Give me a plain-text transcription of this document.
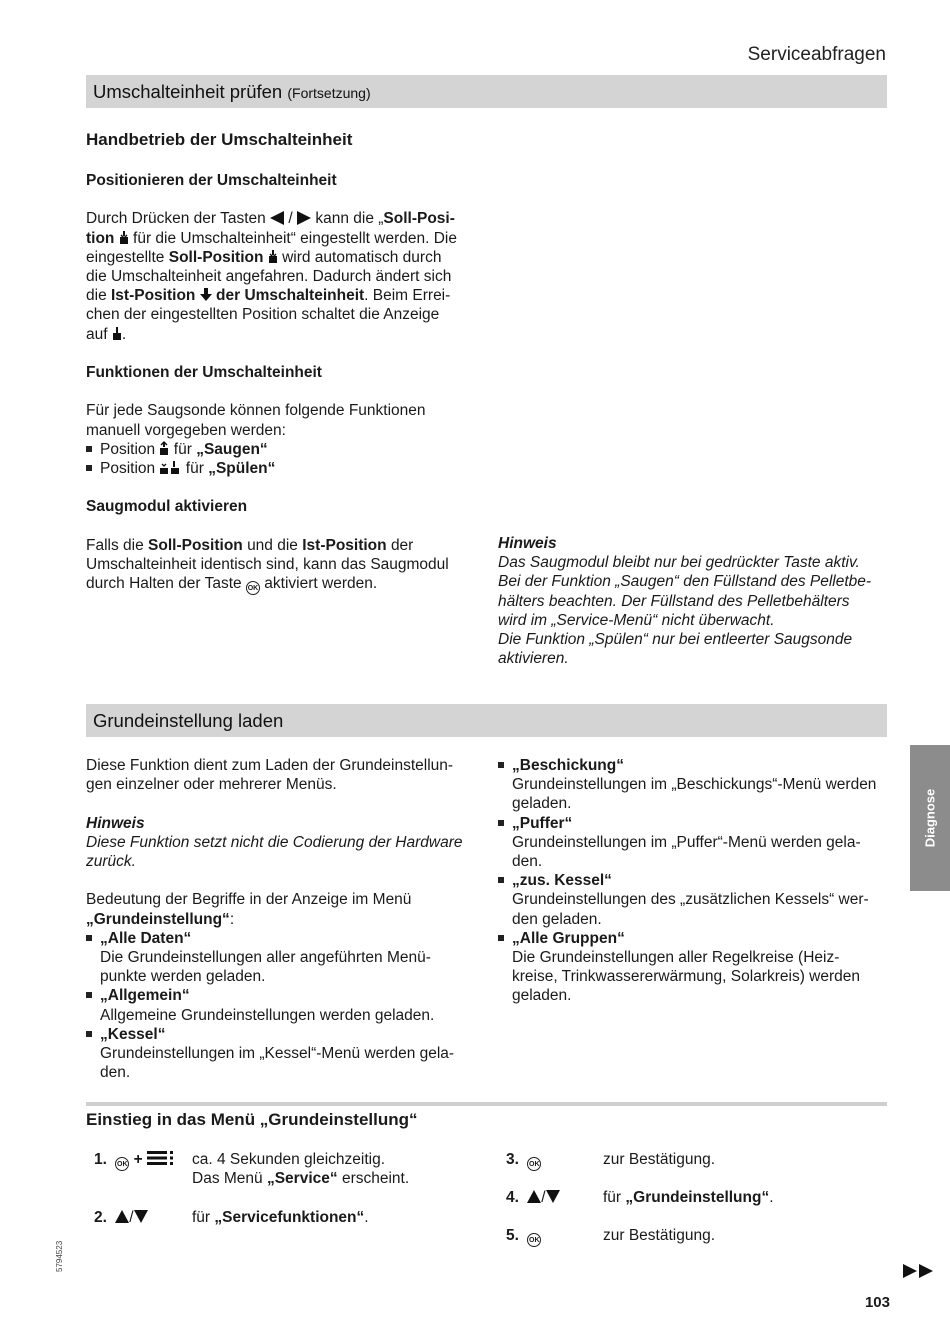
Serviceabfragen
Umschalteinheit prüfen (Fortsetzung)
Handbetrieb der Umschalteinheit

Positionieren der Umschalteinheit

Durch Drücken der Tasten / kann die „Soll-Posi-
tion für die Umschalteinheit“ eingestellt werden. Die
eingestellte Soll-Position wird automatisch durch
die Umschalteinheit angefahren. Dadurch ändert sich
die Ist-Position der Umschalteinheit. Beim Errei-
chen der eingestellten Position schaltet die Anzeige
auf .

Funktionen der Umschalteinheit

Für jede Saugsonde können folgende Funktionen
manuell vorgegeben werden:

Position für „Saugen“
Position für „Spülen“

Saugmodul aktivieren

Falls die Soll-Position und die Ist-Position der
Umschalteinheit identisch sind, kann das Saugmodul
durch Halten der Taste OK aktiviert werden.

Hinweis

Das Saugmodul bleibt nur bei gedrückter Taste aktiv.

Bei der Funktion „Saugen“ den Füllstand des Pelletbe-

hälters beachten. Der Füllstand des Pelletbehälters

wird im „Service-Menü“ nicht überwacht.

Die Funktion „Spülen“ nur bei entleerter Saugsonde

aktivieren.

Grundeinstellung laden

Diese Funktion dient zum Laden der Grundeinstellun-

gen einzelner oder mehrerer Menüs.

Hinweis

Diese Funktion setzt nicht die Codierung der Hardware

zurück.

Bedeutung der Begriffe in der Anzeige im Menü

„Grundeinstellung“:

„Alle Daten“
Die Grundeinstellungen aller angeführten Menü-
punkte werden geladen.
„Allgemein“
Allgemeine Grundeinstellungen werden geladen.
„Kessel“
Grundeinstellungen im „Kessel“-Menü werden gela-
den.
„Beschickung“
Grundeinstellungen im „Beschickungs“-Menü werden
geladen.
„Puffer“
Grundeinstellungen im „Puffer“-Menü werden gela-
den.
„zus. Kessel“
Grundeinstellungen des „zusätzlichen Kessels“ wer-
den geladen.
„Alle Gruppen“
Die Grundeinstellungen aller Regelkreise (Heiz-
kreise, Trinkwassererwärmung, Solarkreis) werden
geladen.
Einstieg in das Menü „Grundeinstellung“
1. OK +	ca. 4 Sekunden gleichzeitig.
Das Menü „Service“ erscheint.
2. /	für „Servicefunktionen“.
3. OK	zur Bestätigung.
4. /	für „Grundeinstellung“.
5. OK	zur Bestätigung.
Diagnose
5794523
103
